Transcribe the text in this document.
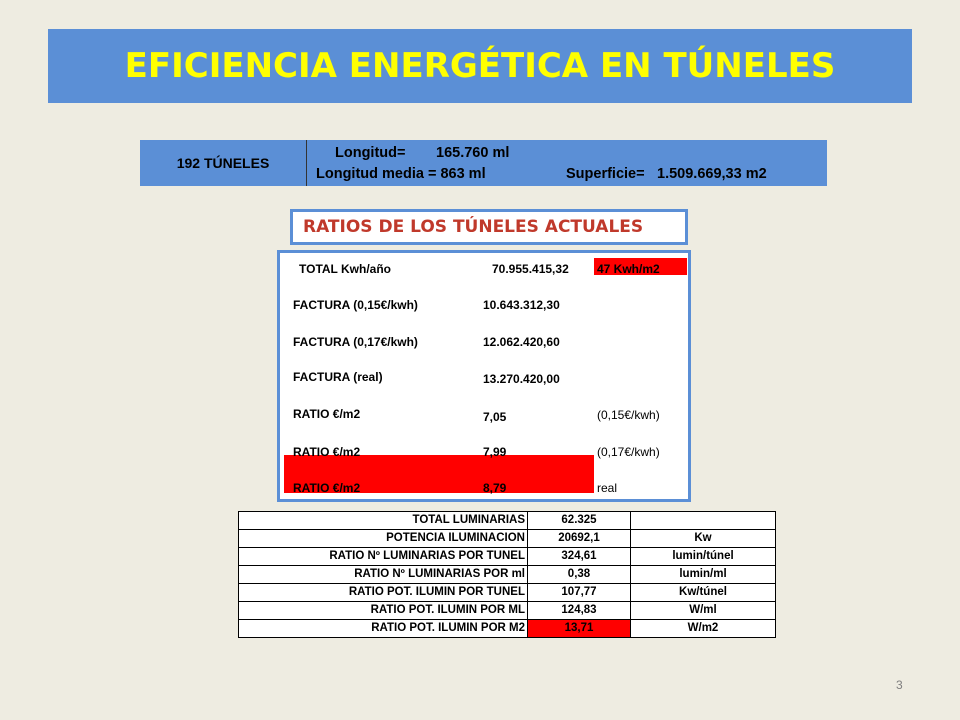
EFICIENCIA ENERGÉTICA EN TÚNELES
192 TÚNELES
Longitud= 165.760 ml
Longitud media = 863 ml	Superficie= 1.509.669,33 m2
RATIOS DE LOS TÚNELES ACTUALES
TOTAL Kwh/año	70.955.415,32 47 Kwh/m2
FACTURA (0,15€/kwh)	10.643.312,30
FACTURA (0,17€/kwh)	12.062.420,60
FACTURA (real)	13.270.420,00
RATIO €/m2	7,05	(0,15€/kwh)
RATIO €/m2	7,99	(0,17€/kwh)
RATIO €/m2	8,79	real
TOTAL LUMINARIAS	62.325	
POTENCIA ILUMINACION	20692,1	Kw
RATIO Nº LUMINARIAS POR TUNEL	324,61	lumin/túnel
RATIO Nº LUMINARIAS POR ml	0,38	lumin/ml
RATIO POT. ILUMIN POR TUNEL	107,77	Kw/túnel
RATIO POT. ILUMIN POR ML	124,83	W/ml
RATIO POT. ILUMIN POR M2	13,71	W/m2
3
